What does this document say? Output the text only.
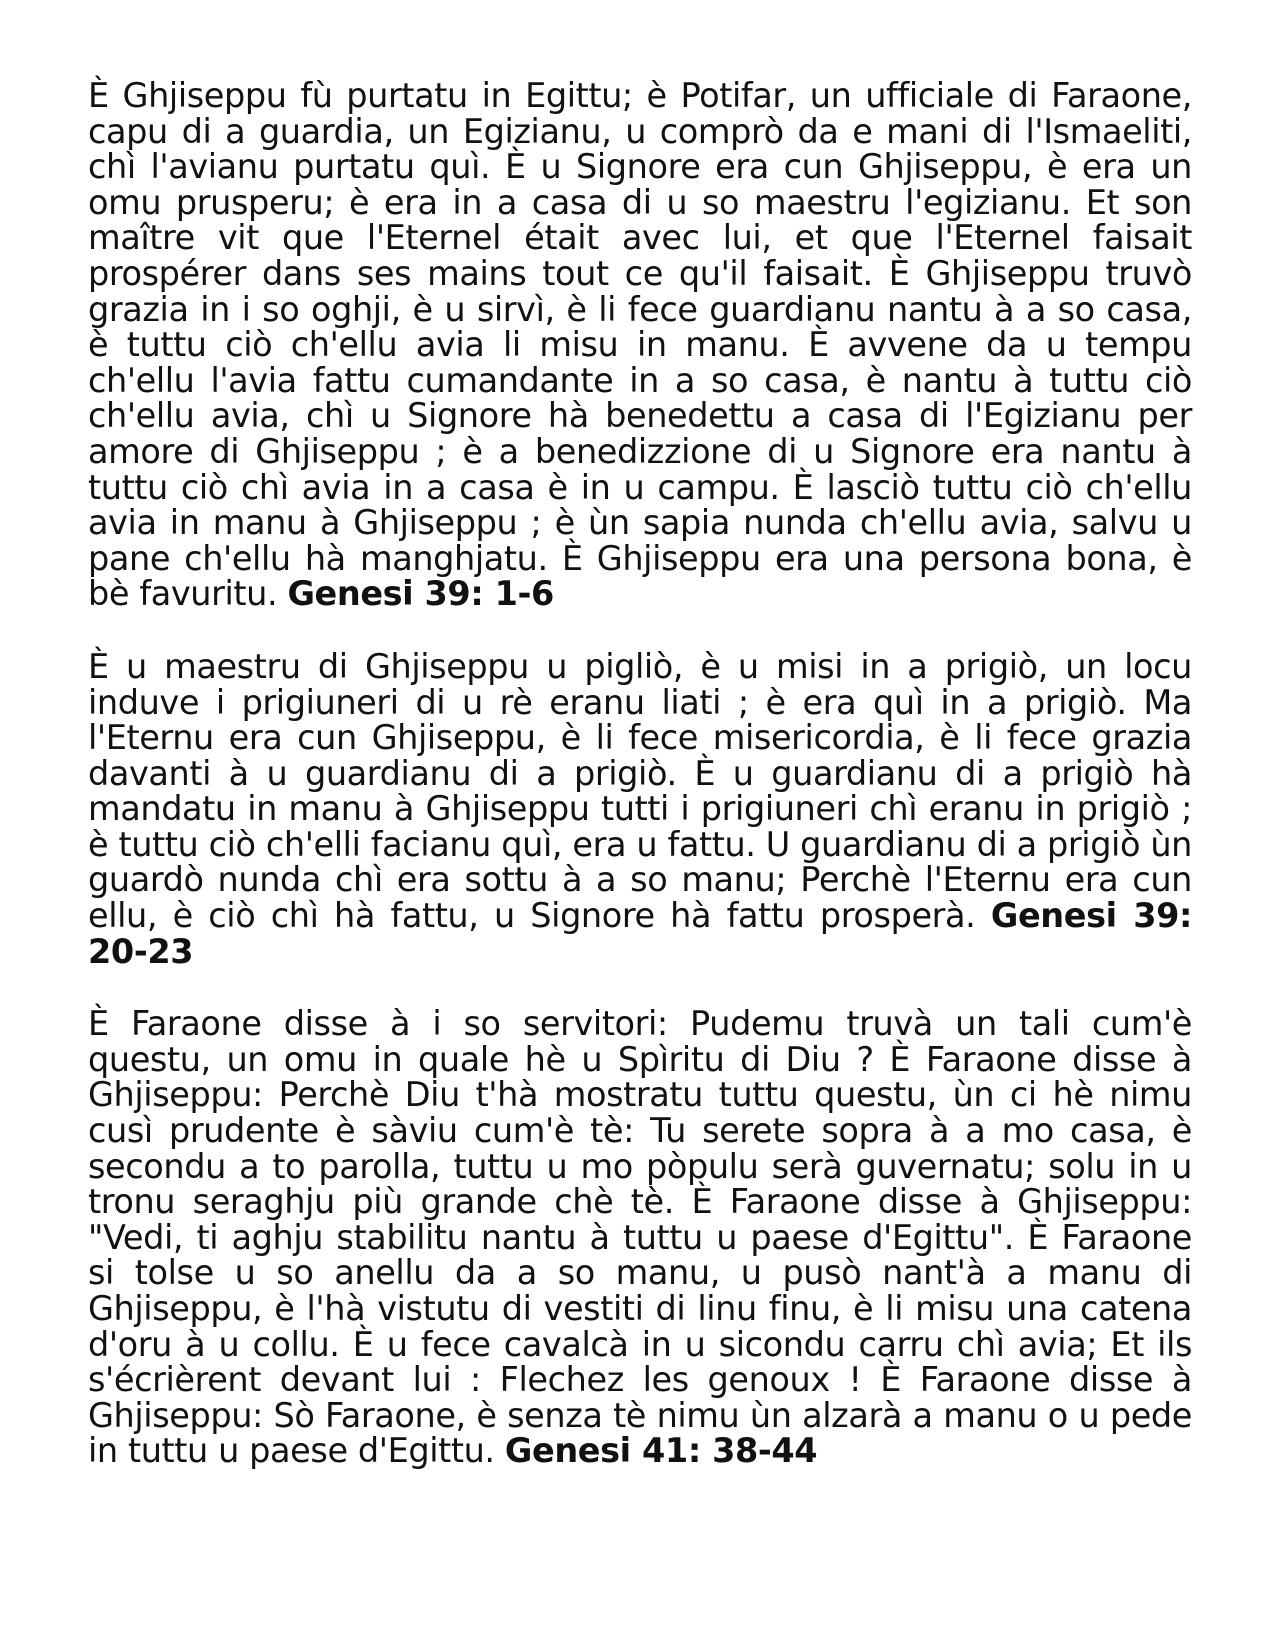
È Ghjiseppu fù purtatu in Egittu; è Potifar, un ufficiale di Faraone, capu di a guardia, un Egizianu, u comprò da e mani di l'Ismaeliti, chì l'avianu purtatu quì. È u Signore era cun Ghjiseppu, è era un omu prusperu; è era in a casa di u so maestru l'egizianu. Et son maître vit que l'Eternel était avec lui, et que l'Eternel faisait prospérer dans ses mains tout ce qu'il faisait. È Ghjiseppu truvò grazia in i so oghji, è u sirvì, è li fece guardianu nantu à a so casa, è tuttu ciò ch'ellu avia li misu in manu. È avvene da u tempu ch'ellu l'avia fattu cumandante in a so casa, è nantu à tuttu ciò ch'ellu avia, chì u Signore hà benedettu a casa di l'Egizianu per amore di Ghjiseppu ; è a benedizzione di u Signore era nantu à tuttu ciò chì avia in a casa è in u campu. È lasciò tuttu ciò ch'ellu avia in manu à Ghjiseppu ; è ùn sapia nunda ch'ellu avia, salvu u pane ch'ellu hà manghjatu. È Ghjiseppu era una persona bona, è bè favuritu. Genesi 39: 1-6

È u maestru di Ghjiseppu u pigliò, è u misi in a prigiò, un locu induve i prigiuneri di u rè eranu liati ; è era quì in a prigiò. Ma l'Eternu era cun Ghjiseppu, è li fece misericordia, è li fece grazia davanti à u guardianu di a prigiò. È u guardianu di a prigiò hà mandatu in manu à Ghjiseppu tutti i prigiuneri chì eranu in prigiò ; è tuttu ciò ch'elli facianu quì, era u fattu. U guardianu di a prigiò ùn guardò nunda chì era sottu à a so manu; Perchè l'Eternu era cun ellu, è ciò chì hà fattu, u Signore hà fattu prosperà. Genesi 39: 20-23

È Faraone disse à i so servitori: Pudemu truvà un tali cum'è questu, un omu in quale hè u Spìritu di Diu ? È Faraone disse à Ghjiseppu: Perchè Diu t'hà mostratu tuttu questu, ùn ci hè nimu cusì prudente è sàviu cum'è tè: Tu serete sopra à a mo casa, è secondu a to parolla, tuttu u mo pòpulu serà guvernatu; solu in u tronu seraghju più grande chè tè. È Faraone disse à Ghjiseppu: "Vedi, ti aghju stabilitu nantu à tuttu u paese d'Egittu". È Faraone si tolse u so anellu da a so manu, u pusò nant'à a manu di Ghjiseppu, è l'hà vistutu di vestiti di linu finu, è li misu una catena d'oru à u collu. È u fece cavalcà in u sicondu carru chì avia; Et ils s'écrièrent devant lui : Flechez les genoux ! È Faraone disse à Ghjiseppu: Sò Faraone, è senza tè nimu ùn alzarà a manu o u pede in tuttu u paese d'Egittu. Genesi 41: 38-44
